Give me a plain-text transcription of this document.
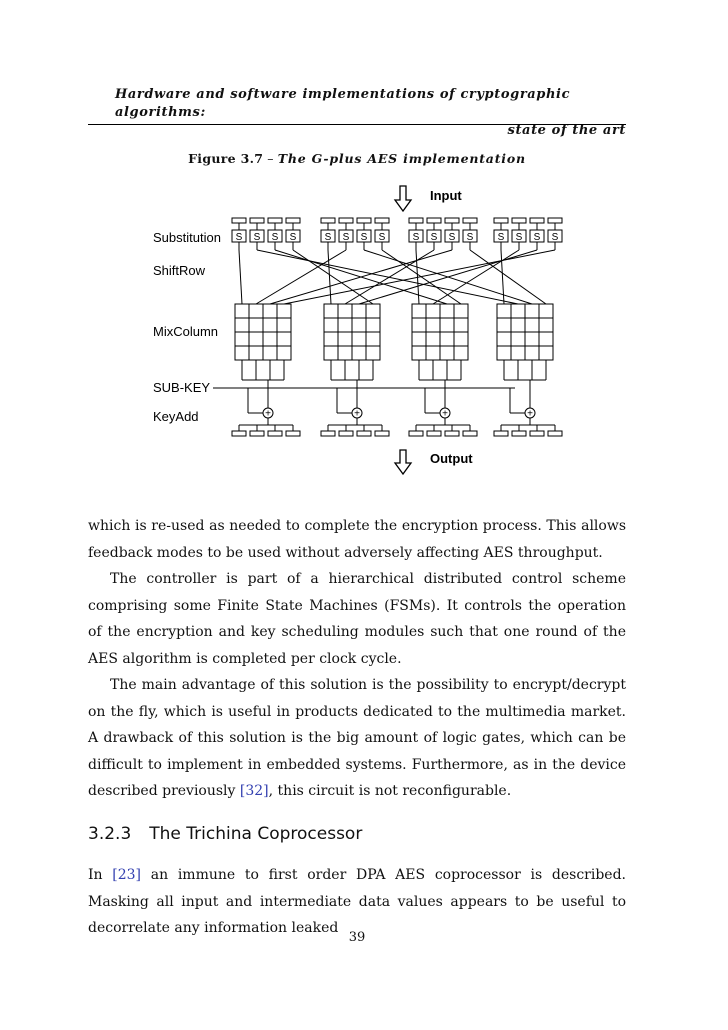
Hardware and software implementations of cryptographic algorithms:
state of the art
Figure 3.7 – The G-plus AES implementation
Input
Output
Substitution
ShiftRow
MixColumn
SUB-KEY
KeyAdd
S S S S
+
S S S S
+
S S S S
+
S S S S
+

which is re-used as needed to complete the encryption process. This allows feedback modes to be used without adversely affecting AES throughput.

The controller is part of a hierarchical distributed control scheme comprising some Finite State Machines (FSMs). It controls the operation of the encryption and key scheduling modules such that one round of the AES algorithm is completed per clock cycle.

The main advantage of this solution is the possibility to encrypt/decrypt on the fly, which is useful in products dedicated to the multimedia market. A drawback of this solution is the big amount of logic gates, which can be difficult to implement in embedded systems. Furthermore, as in the device described previously [32], this circuit is not reconfigurable.

3.2.3 The Trichina Coprocessor

In [23] an immune to first order DPA AES coprocessor is described. Masking all input and intermediate data values appears to be useful to decorrelate any information leaked

39
